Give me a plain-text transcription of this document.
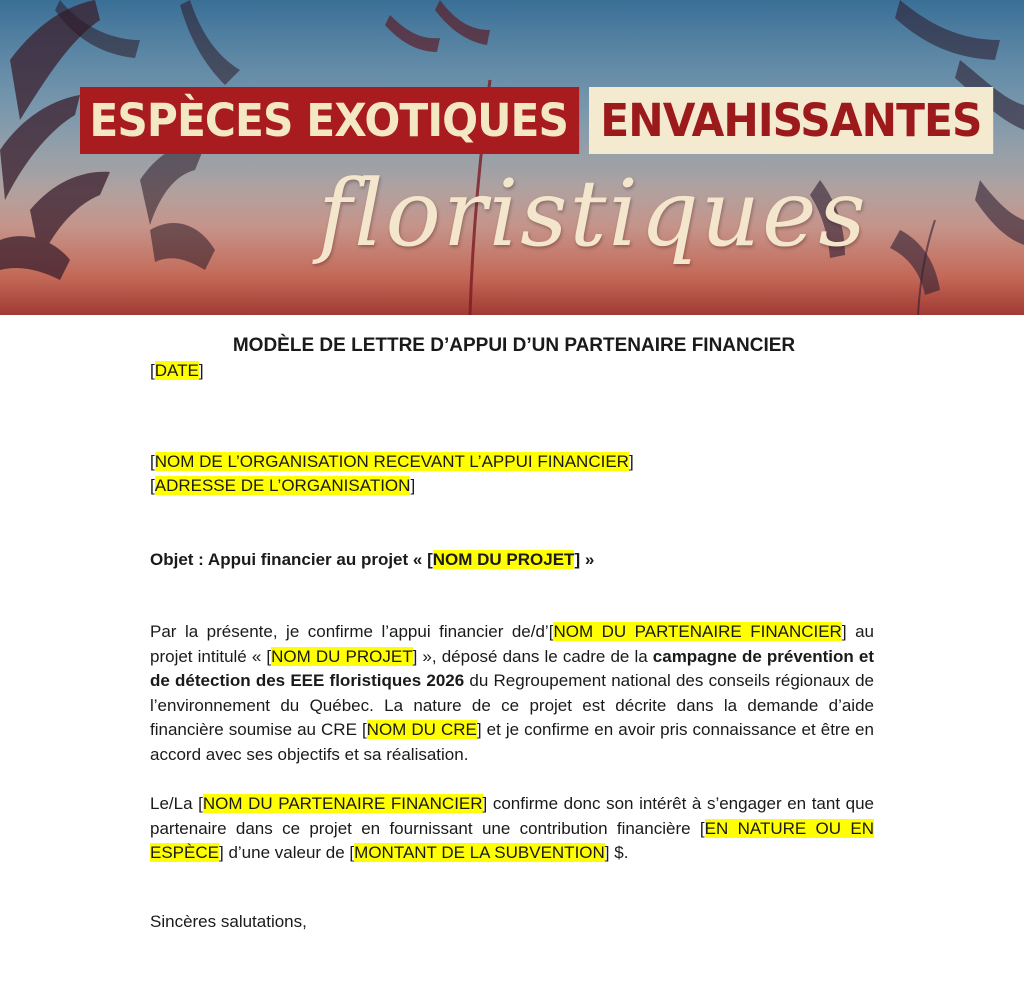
ESPÈCES EXOTIQUES ENVAHISSANTES
floristiques
MODÈLE DE LETTRE D’APPUI D’UN PARTENAIRE FINANCIER
[DATE]
[NOM DE L’ORGANISATION RECEVANT L’APPUI FINANCIER]
[ADRESSE DE L’ORGANISATION]
Objet : Appui financier au projet « [NOM DU PROJET] »
Par la présente, je confirme l’appui financier de/d’[NOM DU PARTENAIRE FINANCIER] au projet intitulé « [NOM DU PROJET] », déposé dans le cadre de la campagne de prévention et de détection des EEE floristiques 2026 du Regroupement national des conseils régionaux de l’environnement du Québec. La nature de ce projet est décrite dans la demande d’aide financière soumise au CRE [NOM DU CRE] et je confirme en avoir pris connaissance et être en accord avec ses objectifs et sa réalisation.
Le/La [NOM DU PARTENAIRE FINANCIER] confirme donc son intérêt à s’engager en tant que partenaire dans ce projet en fournissant une contribution financière [EN NATURE OU EN ESPÈCE] d’une valeur de [MONTANT DE LA SUBVENTION] $.
Sincères salutations,
